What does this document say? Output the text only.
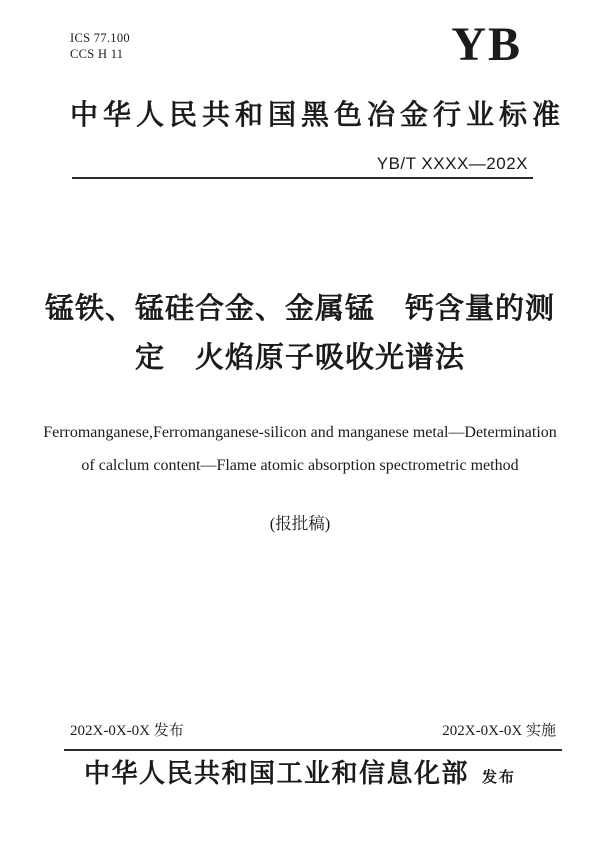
ICS 77.100
CCS H 11	YB
中华人民共和国黑色冶金行业标准
YB/T XXXX—202X
锰铁、锰硅合金、金属锰　钙含量的测
定　火焰原子吸收光谱法
Ferromanganese,Ferromanganese-silicon and manganese metal—Determination
of calclum content—Flame atomic absorption spectrometric method
(报批稿)
202X-0X-0X 发布	202X-0X-0X 实施
中华人民共和国工业和信息化部 发布
